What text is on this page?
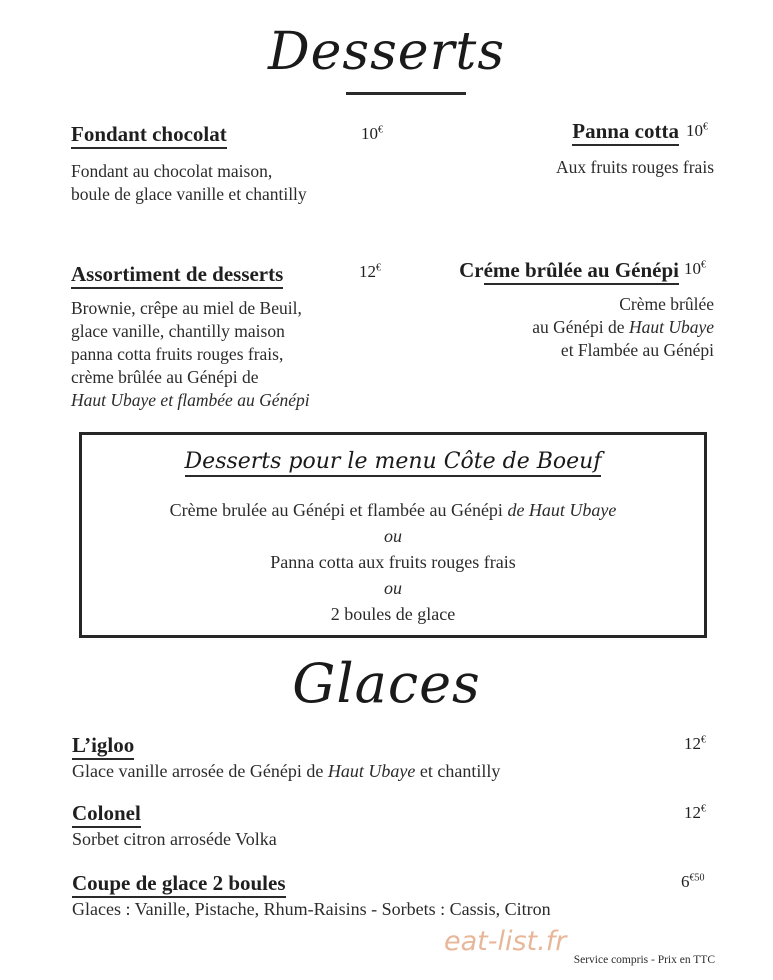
Desserts
Fondant chocolat	10€
Fondant au chocolat maison,
boule de glace vanille et chantilly
Panna cotta 10€
Aux fruits rouges frais
Assortiment de desserts	12€
Brownie, crêpe au miel de Beuil,
glace vanille, chantilly maison
panna cotta fruits rouges frais,
crème brûlée au Génépi de
Haut Ubaye et flambée au Génépi
Créme brûlée au Génépi 10€
Crème brûlée
au Génépi de Haut Ubaye
et Flambée au Génépi
Desserts pour le menu Côte de Boeuf
Crème brulée au Génépi et flambée au Génépi de Haut Ubaye
ou
Panna cotta aux fruits rouges frais
ou
2 boules de glace
Glaces
L’igloo	12€
Glace vanille arrosée de Génépi de Haut Ubaye et chantilly
Colonel	12€
Sorbet citron arroséde Volka
Coupe de glace 2 boules	$6^{€50}$
Glaces : Vanille, Pistache, Rhum-Raisins - Sorbets : Cassis, Citron
eat-list.fr
Service compris - Prix en TTC
